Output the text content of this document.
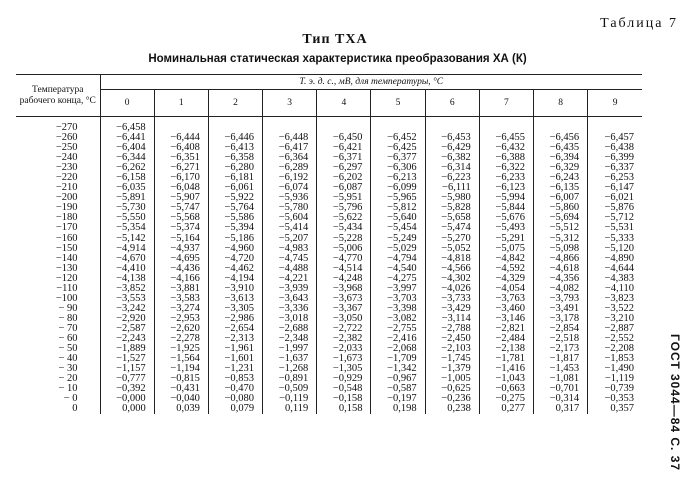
Тип ТХА
Таблица 7
Номинальная статическая характеристика преобразования ХА (К)
Температура рабочего конца, °С	Т. э. д. с., мВ, для температуры, °С									
	0	1	2	3	4	5	6	7	8	9
−270	−6,458									
−260	−6,441	−6,444	−6,446	−6,448	−6,450	−6,452	−6,453	−6,455	−6,456	−6,457
−250	−6,404	−6,408	−6,413	−6,417	−6,421	−6,425	−6,429	−6,432	−6,435	−6,438
−240	−6,344	−6,351	−6,358	−6,364	−6,371	−6,377	−6,382	−6,388	−6,394	−6,399
−230	−6,262	−6,271	−6,280	−6,289	−6,297	−6,306	−6,314	−6,322	−6,329	−6,337
−220	−6,158	−6,170	−6,181	−6,192	−6,202	−6,213	−6,223	−6,233	−6,243	−6,253
−210	−6,035	−6,048	−6,061	−6,074	−6,087	−6,099	−6,111	−6,123	−6,135	−6,147
−200	−5,891	−5,907	−5,922	−5,936	−5,951	−5,965	−5,980	−5,994	−6,007	−6,021
−190	−5,730	−5,747	−5,764	−5,780	−5,796	−5,812	−5,828	−5,844	−5,860	−5,876
−180	−5,550	−5,568	−5,586	−5,604	−5,622	−5,640	−5,658	−5,676	−5,694	−5,712
−170	−5,354	−5,374	−5,394	−5,414	−5,434	−5,454	−5,474	−5,493	−5,512	−5,531
−160	−5,142	−5,164	−5,186	−5,207	−5,228	−5,249	−5,270	−5,291	−5,312	−5,333
−150	−4,914	−4,937	−4,960	−4,983	−5,006	−5,029	−5,052	−5,075	−5,098	−5,120
−140	−4,670	−4,695	−4,720	−4,745	−4,770	−4,794	−4,818	−4,842	−4,866	−4,890
−130	−4,410	−4,436	−4,462	−4,488	−4,514	−4,540	−4,566	−4,592	−4,618	−4,644
−120	−4,138	−4,166	−4,194	−4,221	−4,248	−4,275	−4,302	−4,329	−4,356	−4,383
−110	−3,852	−3,881	−3,910	−3,939	−3,968	−3,997	−4,026	−4,054	−4,082	−4,110
−100	−3,553	−3,583	−3,613	−3,643	−3,673	−3,703	−3,733	−3,763	−3,793	−3,823
− 90	−3,242	−3,274	−3,305	−3,336	−3,367	−3,398	−3,429	−3,460	−3,491	−3,522
− 80	−2,920	−2,953	−2,986	−3,018	−3,050	−3,082	−3,114	−3,146	−3,178	−3,210
− 70	−2,587	−2,620	−2,654	−2,688	−2,722	−2,755	−2,788	−2,821	−2,854	−2,887
− 60	−2,243	−2,278	−2,313	−2,348	−2,382	−2,416	−2,450	−2,484	−2,518	−2,552
− 50	−1,889	−1,925	−1,961	−1,997	−2,033	−2,068	−2,103	−2,138	−2,173	−2,208
− 40	−1,527	−1,564	−1,601	−1,637	−1,673	−1,709	−1,745	−1,781	−1,817	−1,853
− 30	−1,157	−1,194	−1,231	−1,268	−1,305	−1,342	−1,379	−1,416	−1,453	−1,490
− 20	−0,777	−0,815	−0,853	−0,891	−0,929	−0,967	−1,005	−1,043	−1,081	−1,119
− 10	−0,392	−0,431	−0,470	−0,509	−0,548	−0,587	−0,625	−0,663	−0,701	−0,739
− 0	−0,000	−0,040	−0,080	−0,119	−0,158	−0,197	−0,236	−0,275	−0,314	−0,353
0	0,000	0,039	0,079	0,119	0,158	0,198	0,238	0,277	0,317	0,357	ГОСТ 3044—84 С. 37
